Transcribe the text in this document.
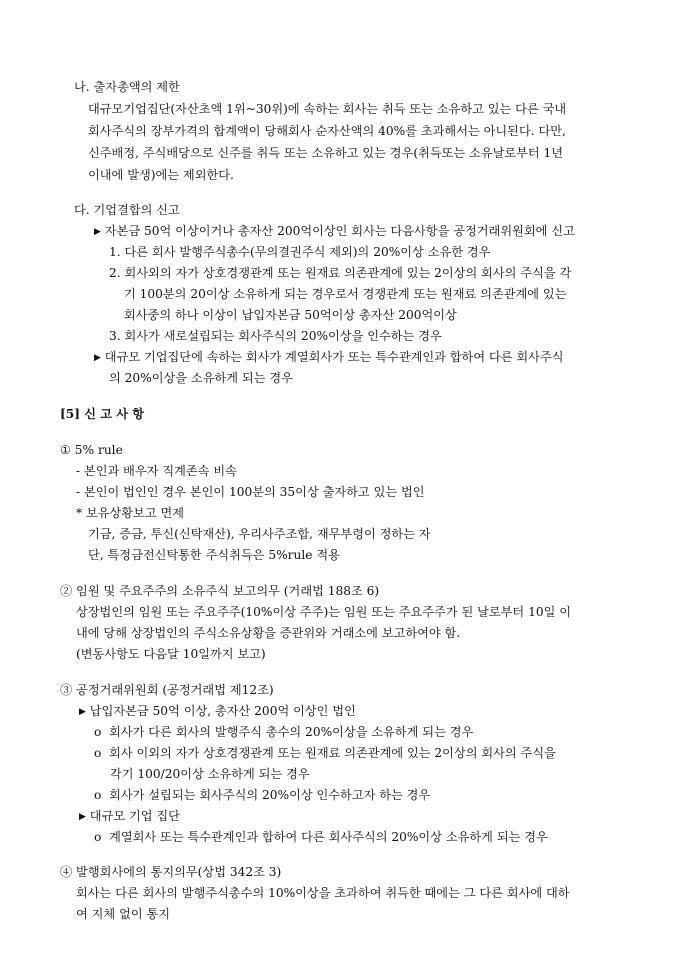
나. 출자총액의 제한
대규모기업집단(자산초액 1위~30위)에 속하는 회사는 취득 또는 소유하고 있는 다른 국내
회사주식의 장부가격의 합계액이 당해회사 순자산액의 40%를 초과해서는 아니된다. 다만,
신주배정, 주식배당으로 신주를 취득 또는 소유하고 있는 경우(취득또는 소유날로부터 1년
이내에 발생)에는 제외한다.
다. 기업결합의 신고
▶ 자본금 50억 이상이거나 총자산 200억이상인 회사는 다음사항을 공정거래위원회에 신고
1. 다른 회사 발행주식총수(무의결권주식 제외)의 20%이상 소유한 경우
2. 회사외의 자가 상호경쟁관계 또는 원재료 의존관계에 있는 2이상의 회사의 주식을 각
기 100분의 20이상 소유하게 되는 경우로서 경쟁관계 또는 원재료 의존관계에 있는
회사중의 하나 이상이 납입자본금 50억이상 총자산 200억이상
3. 회사가 새로설립되는 회사주식의 20%이상을 인수하는 경우
▶ 대규모 기업집단에 속하는 회사가 계열회사가 또는 특수관계인과 합하여 다른 회사주식
의 20%이상을 소유하게 되는 경우
[5] 신 고 사 항
① 5% rule
- 본인과 배우자 직계존속 비속
- 본인이 법인인 경우 본인이 100분의 35이상 출자하고 있는 법인
* 보유상황보고 면제
기금, 증금, 투신(신탁재산), 우리사주조합, 재무부령이 정하는 자
단, 특정금전신탁통한 주식취득은 5%rule 적용
② 임원 및 주요주주의 소유주식 보고의무 (거래법 188조 6)
상장법인의 임원 또는 주요주주(10%이상 주주)는 임원 또는 주요주주가 된 날로부터 10일 이
내에 당해 상장법인의 주식소유상황을 증관위와 거래소에 보고하여야 함.
(변동사항도 다음달 10일까지 보고)
③ 공정거래위원회 (공정거래법 제12조)
▶ 납입자본금 50억 이상, 총자산 200억 이상인 법인
o 회사가 다른 회사의 발행주식 총수의 20%이상을 소유하게 되는 경우
o 회사 이외의 자가 상호경쟁관계 또는 원재료 의존관계에 있는 2이상의 회사의 주식을
각기 100/20이상 소유하게 되는 경우
o 회사가 설립되는 회사주식의 20%이상 인수하고자 하는 경우
▶ 대규모 기업 집단
o 계열회사 또는 특수관계인과 합하여 다른 회사주식의 20%이상 소유하게 되는 경우
④ 발행회사에의 통지의무(상법 342조 3)
회사는 다른 회사의 발행주식총수의 10%이상을 초과하여 취득한 때에는 그 다른 회사에 대하
여 지체 없이 통지
